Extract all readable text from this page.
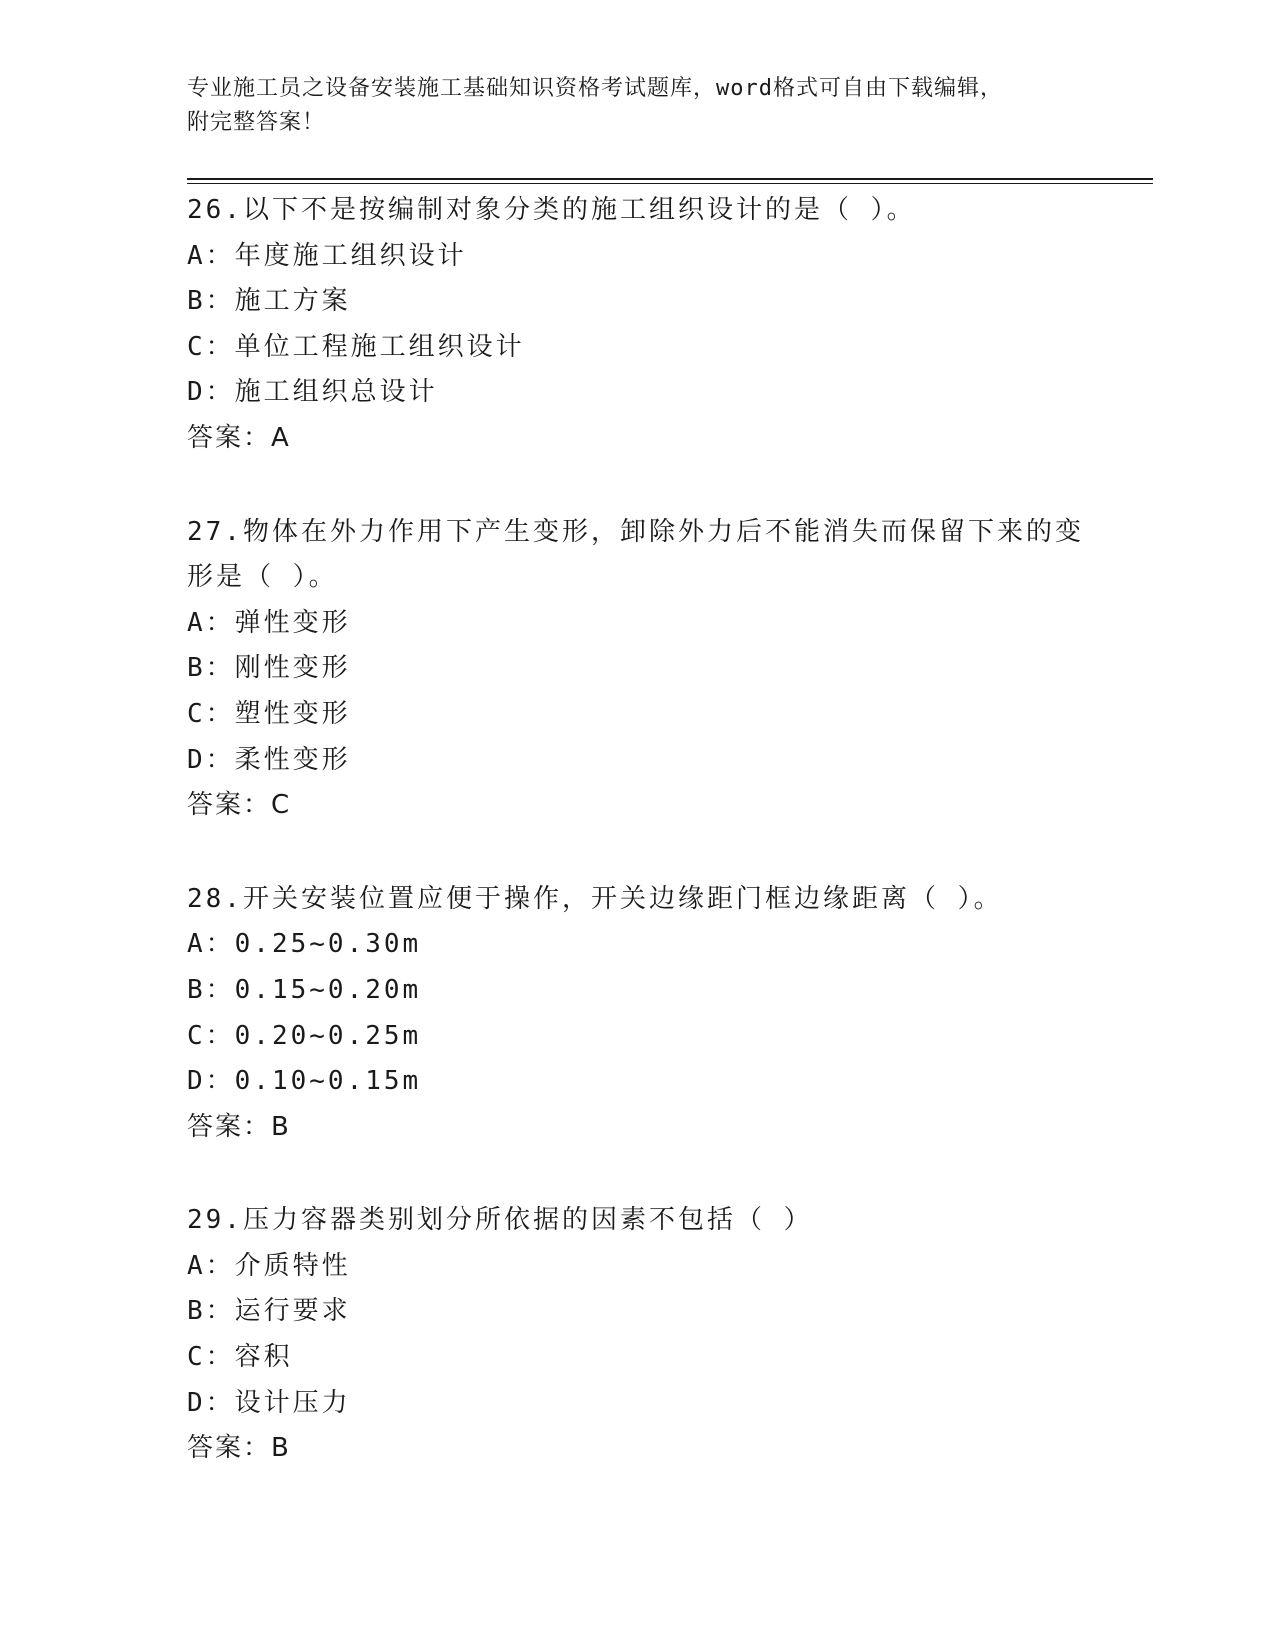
专业施工员之设备安装施工基础知识资格考试题库，word格式可自由下载编辑，
附完整答案！
26.以下不是按编制对象分类的施工组织设计的是（ ）。
A：年度施工组织设计
B：施工方案
C：单位工程施工组织设计
D：施工组织总设计
答案：A
27.物体在外力作用下产生变形，卸除外力后不能消失而保留下来的变形是（ ）。
A：弹性变形
B：刚性变形
C：塑性变形
D：柔性变形
答案：C
28.开关安装位置应便于操作，开关边缘距门框边缘距离（ ）。
A：0.25~0.30m
B：0.15~0.20m
C：0.20~0.25m
D：0.10~0.15m
答案：B
29.压力容器类别划分所依据的因素不包括（ ）
A：介质特性
B：运行要求
C：容积
D：设计压力
答案：B
